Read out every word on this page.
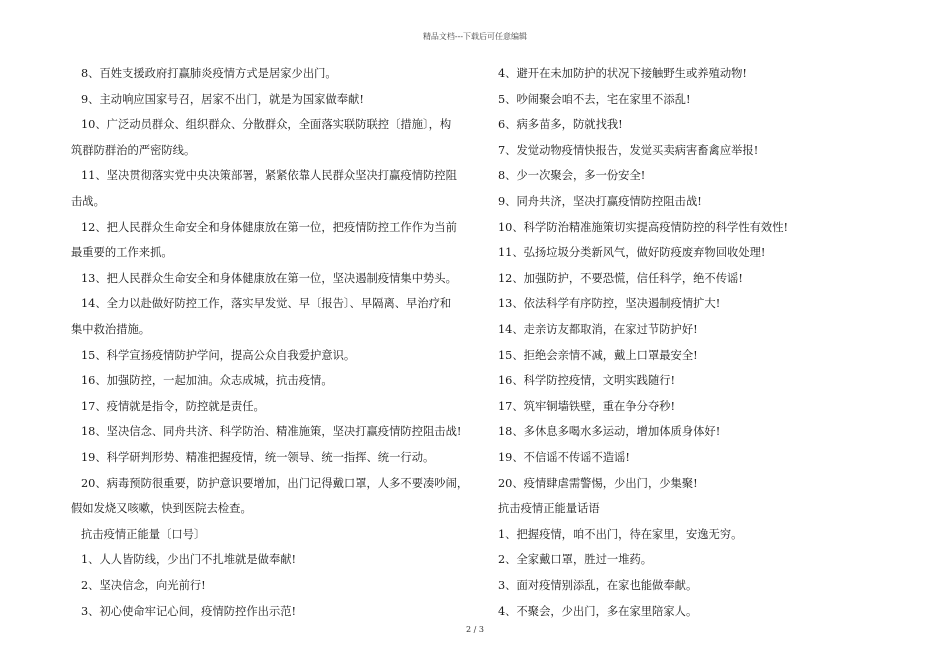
精品文档---下载后可任意编辑
8、百姓支援政府打赢肺炎疫情方式是居家少出门。
9、主动响应国家号召，居家不出门，就是为国家做奉献!
10、广泛动员群众、组织群众、分散群众，全面落实联防联控〔措施〕，构
筑群防群治的严密防线。
11、坚决贯彻落实党中央决策部署，紧紧依靠人民群众坚决打赢疫情防控阻
击战。
12、把人民群众生命安全和身体健康放在第一位，把疫情防控工作作为当前
最重要的工作来抓。
13、把人民群众生命安全和身体健康放在第一位，坚决遏制疫情集中势头。
14、全力以赴做好防控工作，落实早发觉、早〔报告〕、早隔离、早治疗和
集中救治措施。
15、科学宣扬疫情防护学问，提高公众自我爱护意识。
16、加强防控，一起加油。众志成城，抗击疫情。
17、疫情就是指令，防控就是责任。
18、坚决信念、同舟共济、科学防治、精准施策，坚决打赢疫情防控阻击战!
19、科学研判形势、精准把握疫情，统一领导、统一指挥、统一行动。
20、病毒预防很重要，防护意识要增加，出门记得戴口罩，人多不要凑吵闹，
假如发烧又咳嗽，快到医院去检查。
抗击疫情正能量〔口号〕
1、人人皆防线，少出门不扎堆就是做奉献!
2、坚决信念，向光前行!
3、初心使命牢记心间，疫情防控作出示范!
4、避开在未加防护的状况下接触野生或养殖动物!
5、吵闹聚会咱不去，宅在家里不添乱!
6、病多苗多，防就找我!
7、发觉动物疫情快报告，发觉买卖病害畜禽应举报!
8、少一次聚会，多一份安全!
9、同舟共济，坚决打赢疫情防控阻击战!
10、科学防治精准施策切实提高疫情防控的科学性有效性!
11、弘扬垃圾分类新风气，做好防疫废弃物回收处理!
12、加强防护，不要恐慌，信任科学，绝不传谣!
13、依法科学有序防控，坚决遏制疫情扩大!
14、走亲访友都取消，在家过节防护好!
15、拒绝会亲情不减，戴上口罩最安全!
16、科学防控疫情，文明实践随行!
17、筑牢铜墙铁壁，重在争分夺秒!
18、多休息多喝水多运动，增加体质身体好!
19、不信谣不传谣不造谣!
20、疫情肆虐需警惕，少出门，少集聚!
抗击疫情正能量话语
1、把握疫情，咱不出门，待在家里，安逸无穷。
2、全家戴口罩，胜过一堆药。
3、面对疫情别添乱，在家也能做奉献。
4、不聚会，少出门，多在家里陪家人。
2 / 3
